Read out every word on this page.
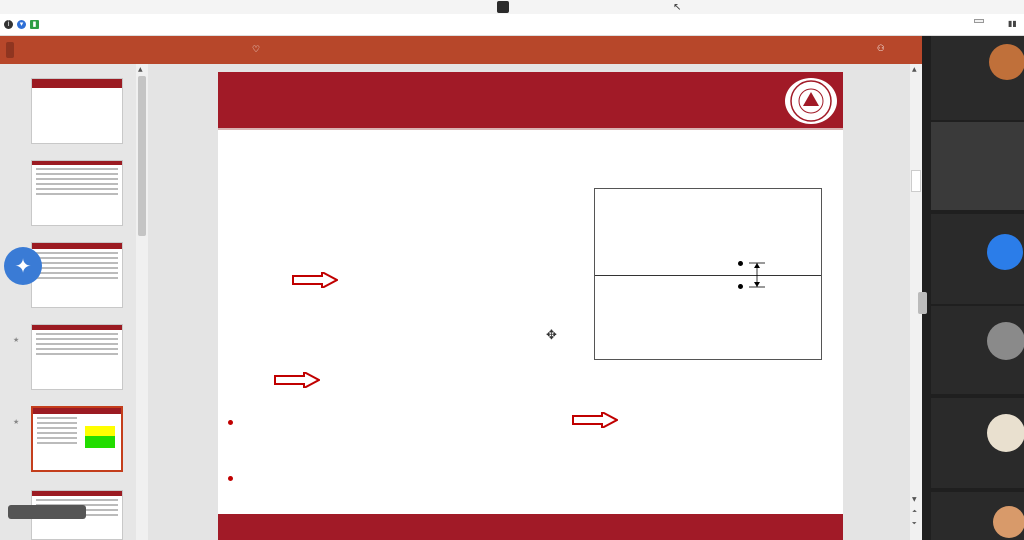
↖
i	▾	▮	▮▮
♡	⚇
★
★
▲
✦
✥
▲
▼
⏶
⏷
